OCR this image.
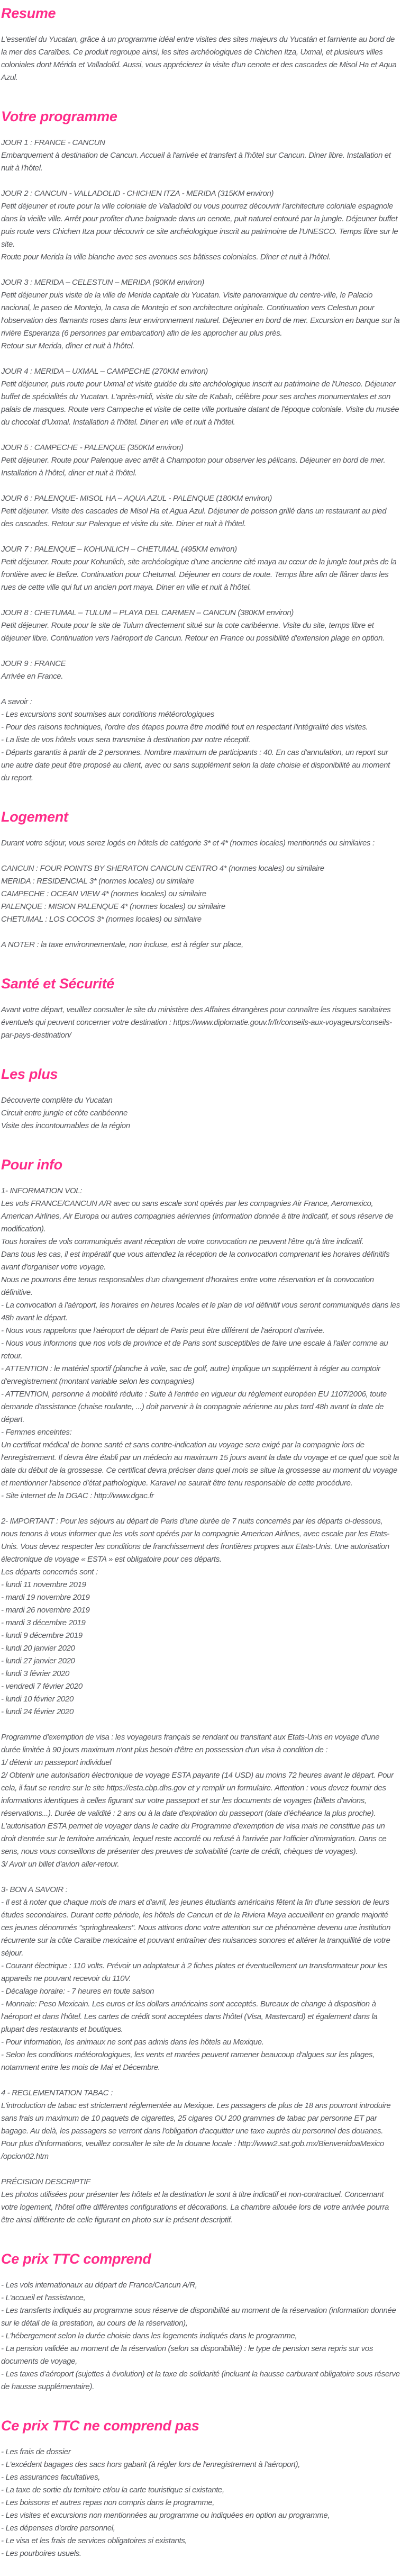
Resume

L'essentiel du Yucatan, grâce à un programme idéal entre visites des sites majeurs du Yucatán et farniente au bord de la mer des Caraïbes. Ce produit regroupe ainsi, les sites archéologiques de Chichen Itza, Uxmal, et plusieurs villes coloniales dont Mérida et Valladolid. Aussi, vous apprécierez la visite d'un cenote et des cascades de Misol Ha et Aqua Azul.

Votre programme

JOUR 1 : FRANCE - CANCUN

Embarquement à destination de Cancun. Accueil à l'arrivée et transfert à l'hôtel sur Cancun. Diner libre. Installation et nuit à l'hôtel.

JOUR 2 : CANCUN - VALLADOLID - CHICHEN ITZA - MERIDA (315KM environ)

Petit déjeuner et route pour la ville coloniale de Valladolid ou vous pourrez découvrir l'architecture coloniale espagnole dans la vieille ville. Arrêt pour profiter d'une baignade dans un cenote, puit naturel entouré par la jungle. Déjeuner buffet puis route vers Chichen Itza pour découvrir ce site archéologique inscrit au patrimoine de l'UNESCO. Temps libre sur le site.

Route pour Merida la ville blanche avec ses avenues ses bâtisses coloniales. Dîner et nuit à l'hôtel.

JOUR 3 : MERIDA – CELESTUN – MERIDA (90KM environ)

Petit déjeuner puis visite de la ville de Merida capitale du Yucatan. Visite panoramique du centre-ville, le Palacio nacional, le paseo de Montejo, la casa de Montejo et son architecture originale. Continuation vers Celestun pour l'observation des flamants roses dans leur environnement naturel. Déjeuner en bord de mer. Excursion en barque sur la rivière Esperanza (6 personnes par embarcation) afin de les approcher au plus près.

Retour sur Merida, dîner et nuit à l'hôtel.

JOUR 4 : MERIDA – UXMAL – CAMPECHE (270KM environ)

Petit déjeuner, puis route pour Uxmal et visite guidée du site archéologique inscrit au patrimoine de l'Unesco. Déjeuner buffet de spécialités du Yucatan. L'après-midi, visite du site de Kabah, célèbre pour ses arches monumentales et son palais de masques. Route vers Campeche et visite de cette ville portuaire datant de l'époque coloniale. Visite du musée du chocolat d'Uxmal. Installation à l'hôtel. Diner en ville et nuit à l'hôtel.

JOUR 5 : CAMPECHE - PALENQUE (350KM environ)

Petit déjeuner. Route pour Palenque avec arrêt à Champoton pour observer les pélicans. Déjeuner en bord de mer. Installation à l'hôtel, diner et nuit à l'hôtel.

JOUR 6 : PALENQUE- MISOL HA – AQUA AZUL - PALENQUE (180KM environ)

Petit déjeuner. Visite des cascades de Misol Ha et Agua Azul. Déjeuner de poisson grillé dans un restaurant au pied des cascades. Retour sur Palenque et visite du site. Diner et nuit à l'hôtel.

JOUR 7 : PALENQUE – KOHUNLICH – CHETUMAL (495KM environ)

Petit déjeuner. Route pour Kohunlich, site archéologique d'une ancienne cité maya au cœur de la jungle tout près de la frontière avec le Belize. Continuation pour Chetumal. Déjeuner en cours de route. Temps libre afin de flâner dans les rues de cette ville qui fut un ancien port maya. Diner en ville et nuit à l'hôtel.

JOUR 8 : CHETUMAL – TULUM – PLAYA DEL CARMEN – CANCUN (380KM environ)

Petit déjeuner. Route pour le site de Tulum directement situé sur la cote caribéenne. Visite du site, temps libre et déjeuner libre. Continuation vers l'aéroport de Cancun. Retour en France ou possibilité d'extension plage en option.

JOUR 9 : FRANCE

Arrivée en France.

A savoir :

- Les excursions sont soumises aux conditions météorologiques

- Pour des raisons techniques, l'ordre des étapes pourra être modifié tout en respectant l'intégralité des visites.

- La liste de vos hôtels vous sera transmise à destination par notre réceptif.

- Départs garantis à partir de 2 personnes. Nombre maximum de participants : 40. En cas d'annulation, un report sur une autre date peut être proposé au client, avec ou sans supplément selon la date choisie et disponibilité au moment du report.

Logement

Durant votre séjour, vous serez logés en hôtels de catégorie 3* et 4* (normes locales) mentionnés ou similaires :

CANCUN : FOUR POINTS BY SHERATON CANCUN CENTRO 4* (normes locales) ou similaire

MERIDA : RESIDENCIAL 3* (normes locales) ou similaire

CAMPECHE : OCEAN VIEW 4* (normes locales) ou similaire

PALENQUE : MISION PALENQUE 4* (normes locales) ou similaire

CHETUMAL : LOS COCOS 3* (normes locales) ou similaire

A NOTER : la taxe environnementale, non incluse, est à régler sur place,

Santé et Sécurité

Avant votre départ, veuillez consulter le site du ministère des Affaires étrangères pour connaître les risques sanitaires éventuels qui peuvent concerner votre destination : https://www.diplomatie.gouv.fr/fr/conseils-aux-voyageurs/conseils-par-pays-destination/

Les plus

Découverte complète du Yucatan

Circuit entre jungle et côte caribéenne

Visite des incontournables de la région

Pour info

1- INFORMATION VOL:

Les vols FRANCE/CANCUN A/R avec ou sans escale sont opérés par les compagnies Air France, Aeromexico, American Airlines, Air Europa ou autres compagnies aériennes (information donnée à titre indicatif, et sous réserve de modification).

Tous horaires de vols communiqués avant réception de votre convocation ne peuvent l'être qu'à titre indicatif.

Dans tous les cas, il est impératif que vous attendiez la réception de la convocation comprenant les horaires définitifs avant d'organiser votre voyage.

Nous ne pourrons être tenus responsables d'un changement d'horaires entre votre réservation et la convocation définitive.

- La convocation à l'aéroport, les horaires en heures locales et le plan de vol définitif vous seront communiqués dans les 48h avant le départ.

- Nous vous rappelons que l'aéroport de départ de Paris peut être différent de l'aéroport d'arrivée.

- Nous vous informons que nos vols de province et de Paris sont susceptibles de faire une escale à l'aller comme au retour.

- ATTENTION : le matériel sportif (planche à voile, sac de golf, autre) implique un supplément à régler au comptoir d'enregistrement (montant variable selon les compagnies)

- ATTENTION, personne à mobilité réduite : Suite à l'entrée en vigueur du règlement européen EU 1107/2006, toute demande d'assistance (chaise roulante, ...) doit parvenir à la compagnie aérienne au plus tard 48h avant la date de départ.

- Femmes enceintes:

Un certificat médical de bonne santé et sans contre-indication au voyage sera exigé par la compagnie lors de l'enregistrement. Il devra être établi par un médecin au maximum 15 jours avant la date du voyage et ce quel que soit la date du début de la grossesse. Ce certificat devra préciser dans quel mois se situe la grossesse au moment du voyage et mentionner l'absence d'état pathologique. Karavel ne saurait être tenu responsable de cette procédure.

- Site internet de la DGAC : http://www.dgac.fr

2- IMPORTANT : Pour les séjours au départ de Paris d'une durée de 7 nuits concernés par les départs ci-dessous, nous tenons à vous informer que les vols sont opérés par la compagnie American Airlines, avec escale par les Etats-Unis. Vous devez respecter les conditions de franchissement des frontières propres aux Etats-Unis. Une autorisation électronique de voyage « ESTA » est obligatoire pour ces départs.

Les départs concernés sont :

- lundi 11 novembre 2019

- mardi 19 novembre 2019

- mardi 26 novembre 2019

- mardi 3 décembre 2019

- lundi 9 décembre 2019

- lundi 20 janvier 2020

- lundi 27 janvier 2020

- lundi 3 février 2020

- vendredi 7 février 2020

- lundi 10 février 2020

- lundi 24 février 2020

Programme d'exemption de visa : les voyageurs français se rendant ou transitant aux Etats-Unis en voyage d'une durée limitée à 90 jours maximum n'ont plus besoin d'être en possession d'un visa à condition de :

1/ détenir un passeport individuel

2/ Obtenir une autorisation électronique de voyage ESTA payante (14 USD) au moins 72 heures avant le départ. Pour cela, il faut se rendre sur le site https://esta.cbp.dhs.gov et y remplir un formulaire. Attention : vous devez fournir des informations identiques à celles figurant sur votre passeport et sur les documents de voyages (billets d'avions, réservations...). Durée de validité : 2 ans ou à la date d'expiration du passeport (date d'échéance la plus proche).

L'autorisation ESTA permet de voyager dans le cadre du Programme d'exemption de visa mais ne constitue pas un droit d'entrée sur le territoire américain, lequel reste accordé ou refusé à l'arrivée par l'officier d'immigration. Dans ce sens, nous vous conseillons de présenter des preuves de solvabilité (carte de crédit, chèques de voyages).

3/ Avoir un billet d'avion aller-retour.

3- BON A SAVOIR :

- Il est à noter que chaque mois de mars et d'avril, les jeunes étudiants américains fêtent la fin d'une session de leurs études secondaires. Durant cette période, les hôtels de Cancun et de la Riviera Maya accueillent en grande majorité ces jeunes dénommés "springbreakers". Nous attirons donc votre attention sur ce phénomène devenu une institution récurrente sur la côte Caraïbe mexicaine et pouvant entraîner des nuisances sonores et altérer la tranquillité de votre séjour.

- Courant électrique : 110 volts. Prévoir un adaptateur à 2 fiches plates et éventuellement un transformateur pour les appareils ne pouvant recevoir du 110V.

- Décalage horaire: - 7 heures en toute saison

- Monnaie: Peso Mexicain. Les euros et les dollars américains sont acceptés. Bureaux de change à disposition à l'aéroport et dans l'hôtel. Les cartes de crédit sont acceptées dans l'hôtel (Visa, Mastercard) et également dans la plupart des restaurants et boutiques.

- Pour information, les animaux ne sont pas admis dans les hôtels au Mexique.

- Selon les conditions météorologiques, les vents et marées peuvent ramener beaucoup d'algues sur les plages, notamment entre les mois de Mai et Décembre.

4 - REGLEMENTATION TABAC :

L'introduction de tabac est strictement réglementée au Mexique. Les passagers de plus de 18 ans pourront introduire sans frais un maximum de 10 paquets de cigarettes, 25 cigares OU 200 grammes de tabac par personne ET par bagage. Au delà, les passagers se verront dans l'obligation d'acquitter une taxe auprès du personnel des douanes. Pour plus d'informations, veuillez consulter le site de la douane locale : http://www2.sat.gob.mx/BienvenidoaMexico /opcion02.htm

PRÉCISION DESCRIPTIF

Les photos utilisées pour présenter les hôtels et la destination le sont à titre indicatif et non-contractuel. Concernant votre logement, l'hôtel offre différentes configurations et décorations. La chambre allouée lors de votre arrivée pourra être ainsi différente de celle figurant en photo sur le présent descriptif.

Ce prix TTC comprend

- Les vols internationaux au départ de France/Cancun A/R,

- L'accueil et l'assistance,

- Les transferts indiqués au programme sous réserve de disponibilité au moment de la réservation (information donnée sur le détail de la prestation, au cours de la réservation),

- L'hébergement selon la durée choisie dans les logements indiqués dans le programme,

- La pension validée au moment de la réservation (selon sa disponibilité) : le type de pension sera repris sur vos documents de voyage,

- Les taxes d'aéroport (sujettes à évolution) et la taxe de solidarité (incluant la hausse carburant obligatoire sous réserve de hausse supplémentaire).

Ce prix TTC ne comprend pas

- Les frais de dossier

- L'excédent bagages des sacs hors gabarit (à régler lors de l'enregistrement à l'aéroport),

- Les assurances facultatives,

- La taxe de sortie du territoire et/ou la carte touristique si existante,

- Les boissons et autres repas non compris dans le programme,

- Les visites et excursions non mentionnées au programme ou indiquées en option au programme,

- Les dépenses d'ordre personnel,

- Le visa et les frais de services obligatoires si existants,

- Les pourboires usuels.
